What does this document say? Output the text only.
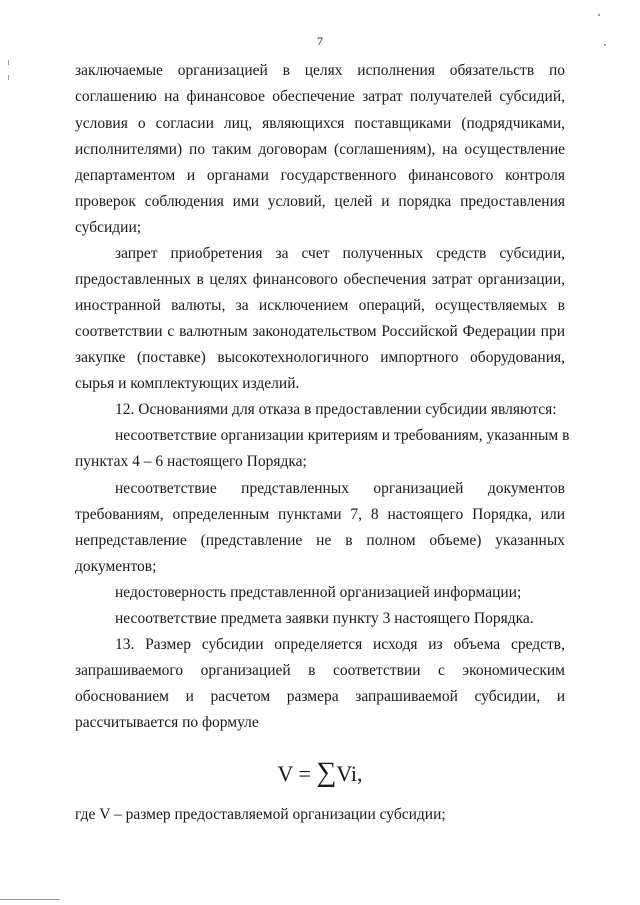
7
заключаемые организацией в целях исполнения обязательств по
соглашению на финансовое обеспечение затрат получателей субсидий,
условия о согласии лиц, являющихся поставщиками (подрядчиками,
исполнителями) по таким договорам (соглашениям), на осуществление
департаментом и органами государственного финансового контроля
проверок соблюдения ими условий, целей и порядка предоставления
субсидии;
запрет приобретения за счет полученных средств субсидии,
предоставленных в целях финансового обеспечения затрат организации,
иностранной валюты, за исключением операций, осуществляемых в
соответствии с валютным законодательством Российской Федерации при
закупке (поставке) высокотехнологичного импортного оборудования,
сырья и комплектующих изделий.
12. Основаниями для отказа в предоставлении субсидии являются:
несоответствие организации критериям и требованиям, указанным в
пунктах 4 – 6 настоящего Порядка;
несоответствие представленных организацией документов
требованиям, определенным пунктами 7, 8 настоящего Порядка, или
непредставление (представление не в полном объеме) указанных
документов;
недостоверность представленной организацией информации;
несоответствие предмета заявки пункту 3 настоящего Порядка.
13. Размер субсидии определяется исходя из объема средств,
запрашиваемого организацией в соответствии с экономическим
обоснованием и расчетом размера запрашиваемой субсидии, и
рассчитывается по формуле
V = ∑Vi,
где V – размер предоставляемой организации субсидии;
